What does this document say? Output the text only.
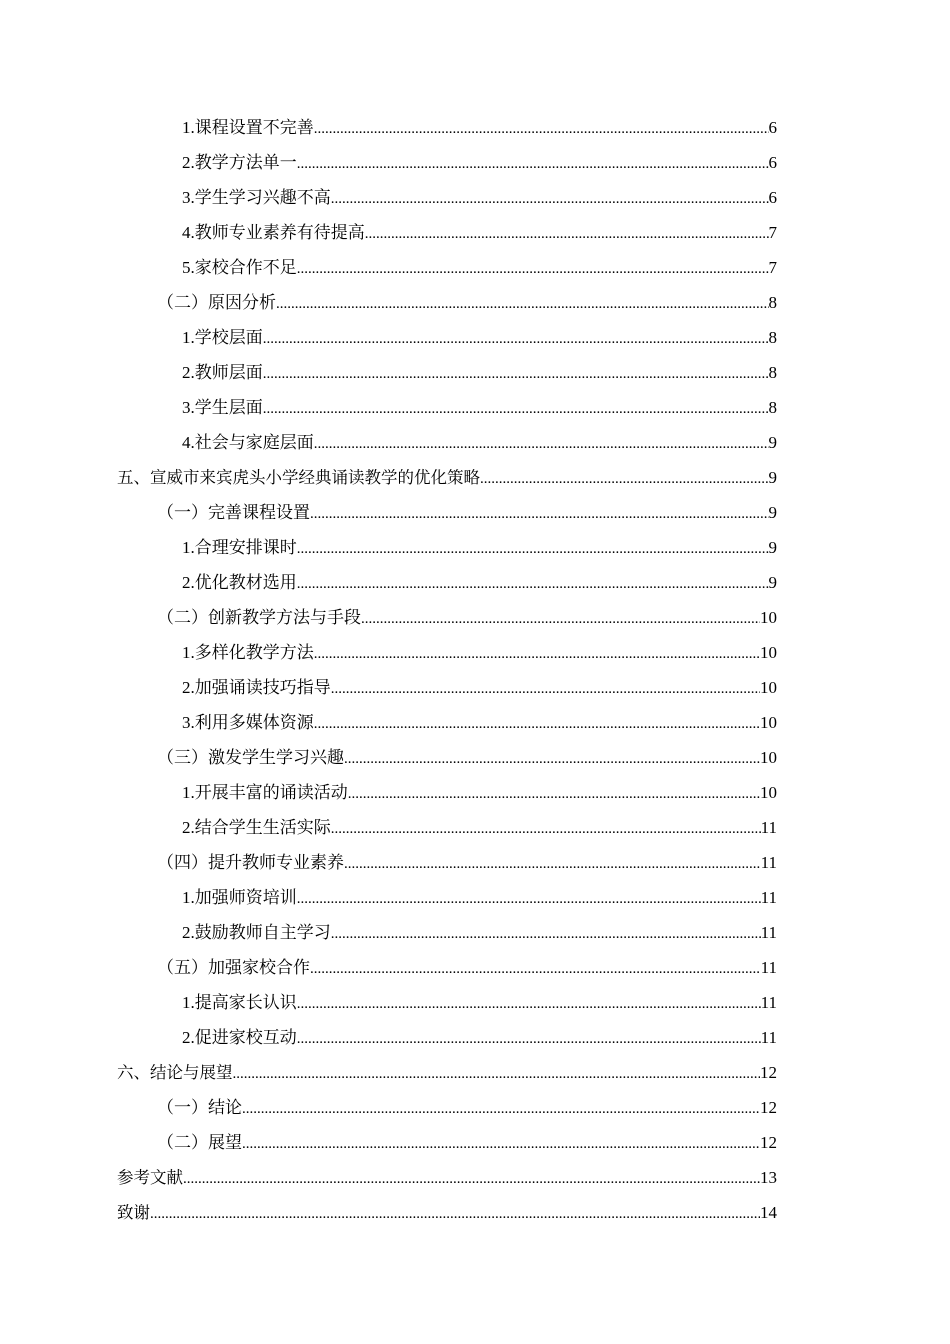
1.课程设置不完善 .....	6
2.教学方法单一 .....	6
3.学生学习兴趣不高 .....	6
4.教师专业素养有待提高 .....	7
5.家校合作不足 .....	7
（二）原因分析 .....	8
1.学校层面 .....	8
2.教师层面 .....	8
3.学生层面 .....	8
4.社会与家庭层面 .....	9
五、宣威市来宾虎头小学经典诵读教学的优化策略 .....	9
（一）完善课程设置 .....	9
1.合理安排课时 .....	9
2.优化教材选用 .....	9
（二）创新教学方法与手段 .....	10
1.多样化教学方法 .....	10
2.加强诵读技巧指导 .....	10
3.利用多媒体资源 .....	10
（三）激发学生学习兴趣 .....	10
1.开展丰富的诵读活动 .....	10
2.结合学生生活实际 .....	11
（四）提升教师专业素养 .....	11
1.加强师资培训 .....	11
2.鼓励教师自主学习 .....	11
（五）加强家校合作 .....	11
1.提高家长认识 .....	11
2.促进家校互动 .....	11
六、结论与展望 .....	12
（一）结论 .....	12
（二）展望 .....	12
参考文献 .....	13
致谢 .....	14
